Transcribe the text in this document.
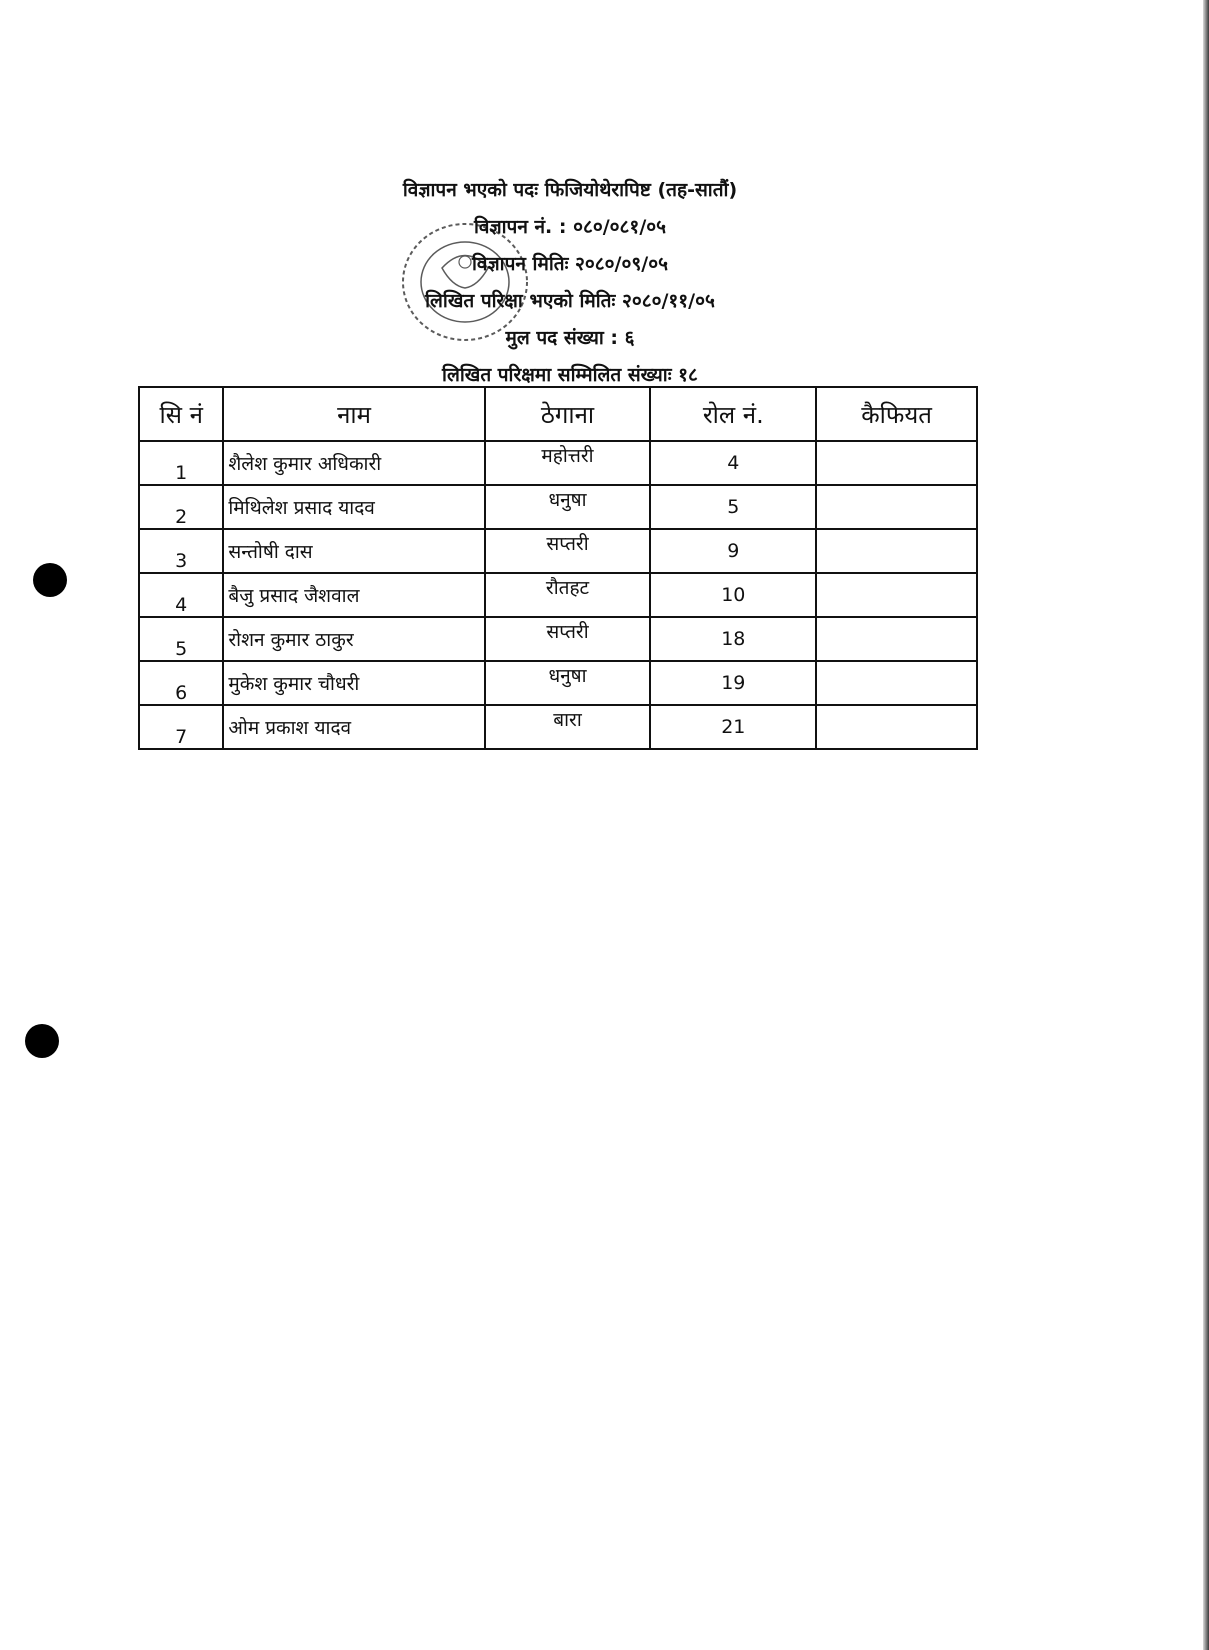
विज्ञापन भएको पदः फिजियोथेरापिष्ट (तह-सातौं)
विज्ञापन नं. : ०८०/०८१/०५
विज्ञापन मितिः २०८०/०९/०५
लिखित परिक्षा भएको मितिः २०८०/११/०५
मुल पद संख्या : ६
लिखित परिक्षमा सम्मिलित संख्याः १८
सि नं	नाम	ठेगाना	रोल नं.	कैफियत
1	शैलेश कुमार अधिकारी	महोत्तरी	4	
2	मिथिलेश प्रसाद यादव	धनुषा	5	
3	सन्तोषी दास	सप्तरी	9	
4	बैजु प्रसाद जैशवाल	रौतहट	10	
5	रोशन कुमार ठाकुर	सप्तरी	18	
6	मुकेश कुमार चौधरी	धनुषा	19	
7	ओम प्रकाश यादव	बारा	21	
